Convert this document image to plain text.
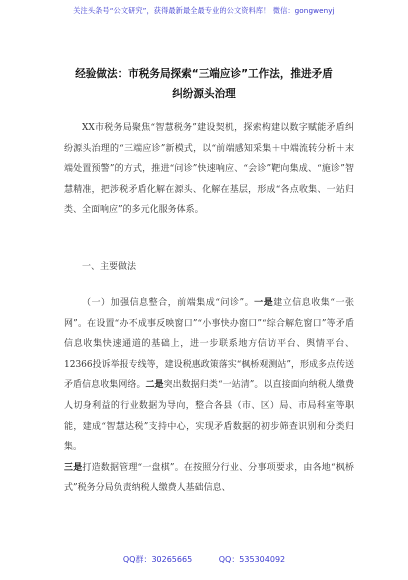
关注头条号“公文研究”，获得最新最全最专业的公文资料库！ 微信：gongwenyj
经验做法：市税务局探索“三端应诊”工作法，推进矛盾
纠纷源头治理
XX市税务局聚焦“智慧税务”建设契机，探索构建以数字赋能矛盾纠纷源头治理的“三端应诊”新模式，以“前端感知采集＋中端流转分析＋末端处置预警”的方式，推进“问诊”快速响应、“会诊”靶向集成、“施诊”智慧精准，把涉税矛盾化解在源头、化解在基层，形成“各点收集、一站归类、全面响应”的多元化服务体系。
一、主要做法
（一）加强信息整合，前端集成“问诊”。一是建立信息收集“一张网”。在设置“办不成事反映窗口”“小事快办窗口”“综合解危窗口”等矛盾信息收集快速通道的基础上，进一步联系地方信访平台、舆情平台、12366投诉举报专线等，建设税惠政策落实“枫桥观测站”，形成多点传送矛盾信息收集网络。二是突出数据归类“一站清”。以直接面向纳税人缴费人切身利益的行业数据为导向，整合各县（市、区）局、市局科室等职能，建成“智慧达税”支持中心，实现矛盾数据的初步筛查识别和分类归集。
三是打造数据管理“一盘棋”。在按照分行业、分事项要求，由各地“枫桥式”税务分局负责纳税人缴费人基础信息、
QQ群：30265665	QQ：535304092
